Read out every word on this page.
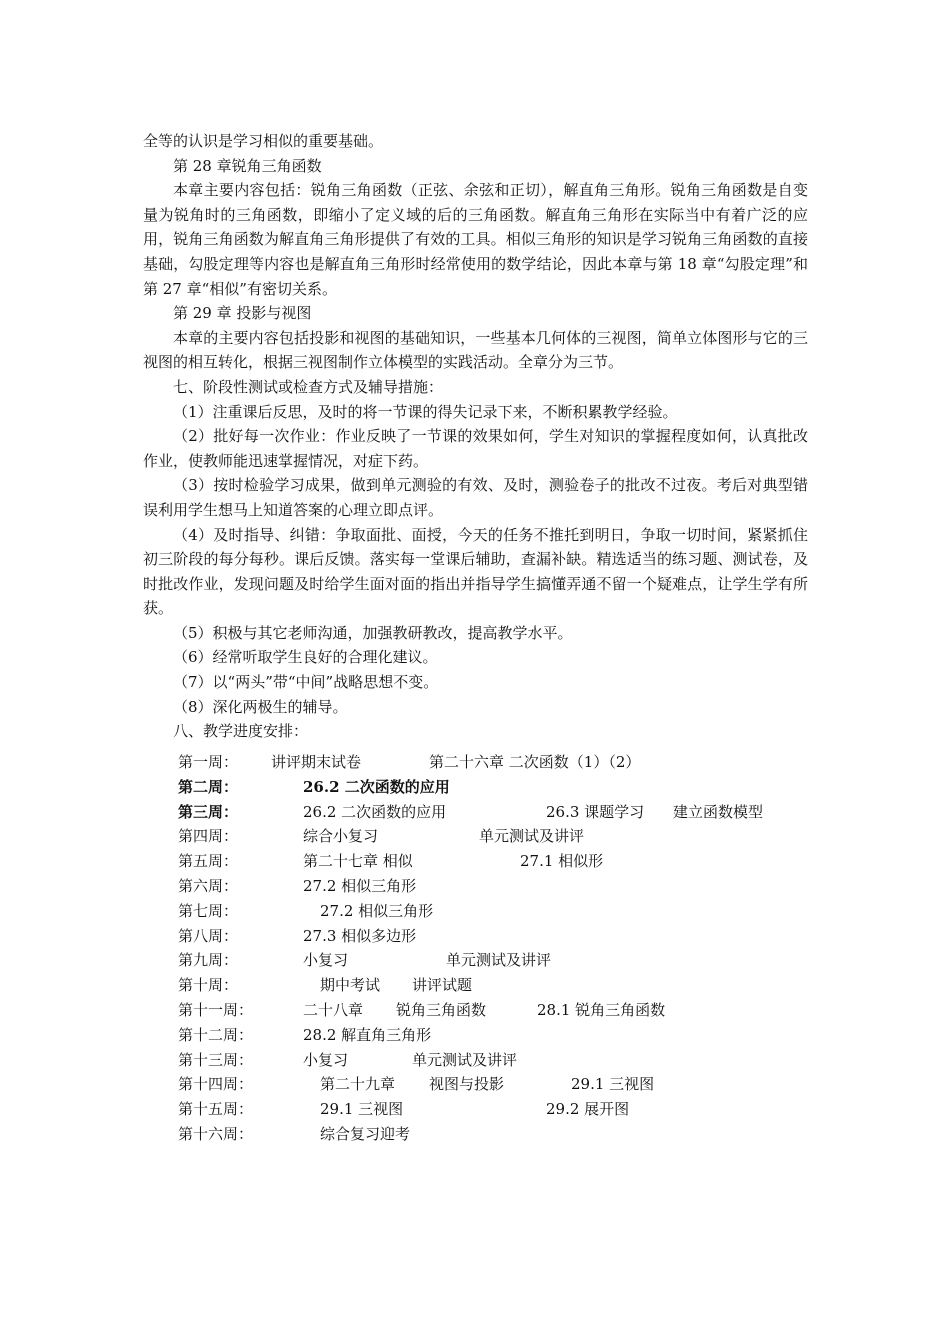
全等的认识是学习相似的重要基础。

第 28 章锐角三角函数

本章主要内容包括：锐角三角函数（正弦、余弦和正切），解直角三角形。锐角三角函数是自变量为锐角时的三角函数，即缩小了定义域的后的三角函数。解直角三角形在实际当中有着广泛的应用，锐角三角函数为解直角三角形提供了有效的工具。相似三角形的知识是学习锐角三角函数的直接基础，勾股定理等内容也是解直角三角形时经常使用的数学结论，因此本章与第 18 章“勾股定理”和第 27 章“相似”有密切关系。

第 29 章 投影与视图

本章的主要内容包括投影和视图的基础知识，一些基本几何体的三视图，简单立体图形与它的三视图的相互转化，根据三视图制作立体模型的实践活动。全章分为三节。

七、阶段性测试或检查方式及辅导措施：

（1）注重课后反思，及时的将一节课的得失记录下来，不断积累教学经验。

（2）批好每一次作业：作业反映了一节课的效果如何，学生对知识的掌握程度如何，认真批改作业，使教师能迅速掌握情况，对症下药。

（3）按时检验学习成果，做到单元测验的有效、及时，测验卷子的批改不过夜。考后对典型错误利用学生想马上知道答案的心理立即点评。

（4）及时指导、纠错：争取面批、面授，今天的任务不推托到明日，争取一切时间，紧紧抓住初三阶段的每分每秒。课后反馈。落实每一堂课后辅助，查漏补缺。精选适当的练习题、测试卷，及时批改作业，发现问题及时给学生面对面的指出并指导学生搞懂弄通不留一个疑难点，让学生学有所获。

（5）积极与其它老师沟通，加强教研教改，提高教学水平。

（6）经常听取学生良好的合理化建议。

（7）以“两头”带“中间”战略思想不变。

（8）深化两极生的辅导。

八、教学进度安排：

第一周： 讲评期末试卷	第二十六章 二次函数（1）（2）
第二周：	26.2 二次函数的应用
第三周：	26.2 二次函数的应用	26.3 课题学习 建立函数模型
第四周：	综合小复习	单元测试及讲评
第五周：	第二十七章 相似	27.1 相似形
第六周：	27.2 相似三角形
第七周：	27.2 相似三角形
第八周：	27.3 相似多边形
第九周：	小复习	单元测试及讲评
第十周：	期中考试 讲评试题
第十一周：	二十八章 锐角三角函数	28.1 锐角三角函数
第十二周：	28.2 解直角三角形
第十三周：	小复习	单元测试及讲评
第十四周：	第二十九章 视图与投影	29.1 三视图
第十五周：	29.1 三视图	29.2 展开图
第十六周：	综合复习迎考
